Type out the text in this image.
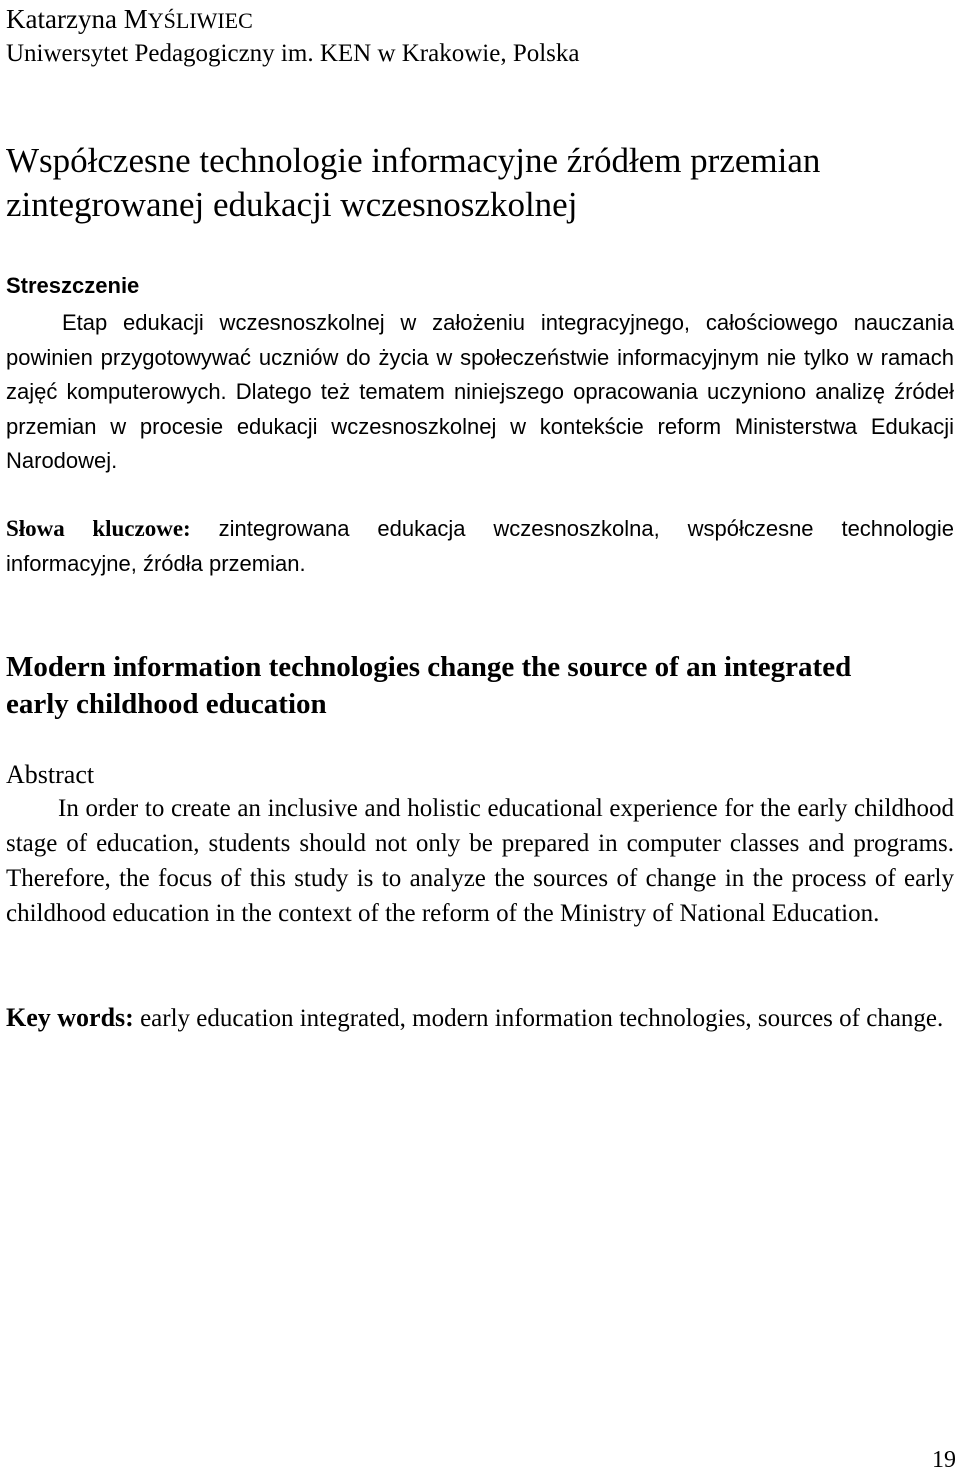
Katarzyna MYŚLIWIEC
Uniwersytet Pedagogiczny im. KEN w Krakowie, Polska
Współczesne technologie informacyjne źródłem przemian
zintegrowanej edukacji wczesnoszkolnej
Streszczenie

Etap edukacji wczesnoszkolnej w założeniu integracyjnego, całościowego nauczania powinien przygotowywać uczniów do życia w społeczeństwie informacyjnym nie tylko w ramach zajęć komputerowych. Dlatego też tematem niniejszego opracowania uczyniono analizę źródeł przemian w procesie edukacji wczesnoszkolnej w kontekście reform Ministerstwa Edukacji Narodowej.

Słowa kluczowe: zintegrowana edukacja wczesnoszkolna, współczesne technologie informacyjne, źródła przemian.

Modern information technologies change the source of an integrated
early childhood education
Abstract

In order to create an inclusive and holistic educational experience for the early childhood stage of education, students should not only be prepared in computer classes and programs. Therefore, the focus of this study is to analyze the sources of change in the process of early childhood education in the context of the reform of the Ministry of National Education.

Key words: early education integrated, modern information technologies, sources of change.

19
